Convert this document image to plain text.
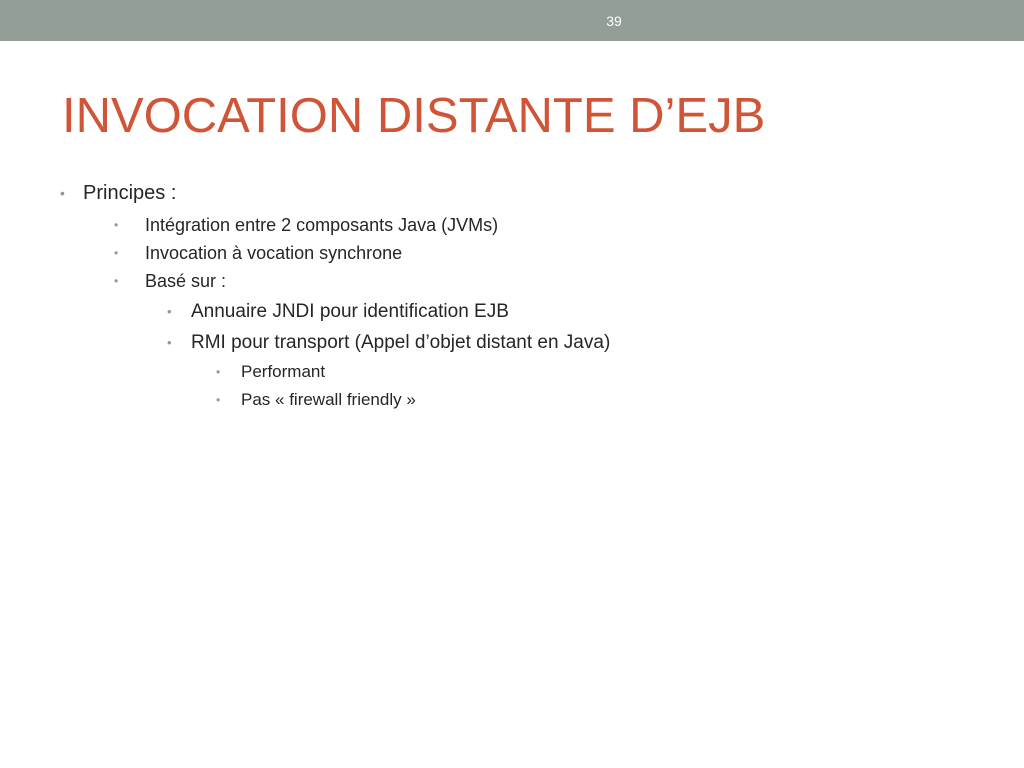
39
INVOCATION DISTANTE D’EJB
• Principes :
• Intégration entre 2 composants Java (JVMs)
• Invocation à vocation synchrone
• Basé sur :
• Annuaire JNDI pour identification EJB
• RMI pour transport (Appel d’objet distant en Java)
• Performant
• Pas « firewall friendly »
